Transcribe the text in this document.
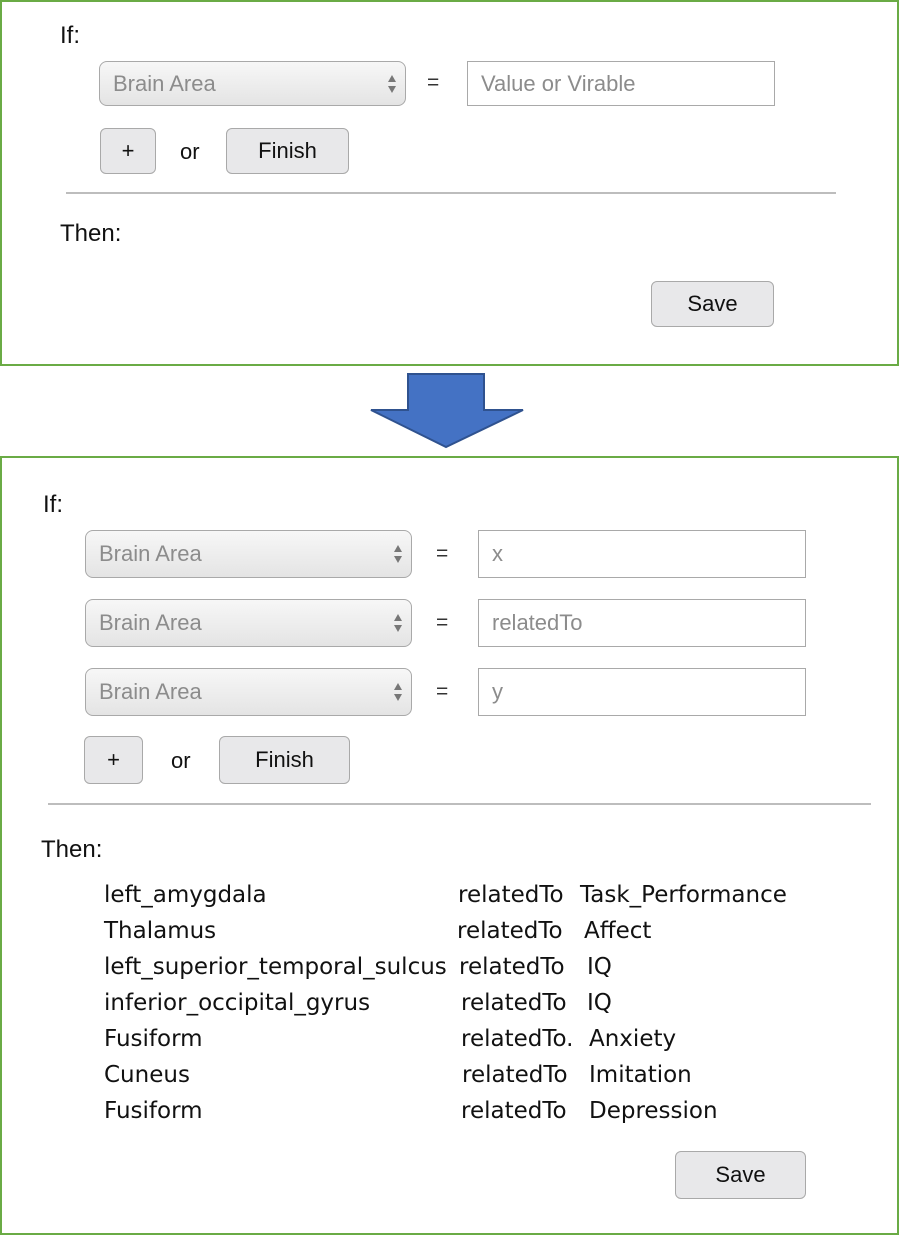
If:
Brain Area	= Value or Virable
+	or	Finish
Then:
Save
If:
Brain Area	= x
Brain Area	= relatedTo
Brain Area	= y
+	or	Finish
Then:
left_amygdala	relatedTo Task_Performance
Thalamus	relatedTo Affect
left_superior_temporal_sulcus relatedTo IQ
inferior_occipital_gyrus	relatedTo IQ
Fusiform	relatedTo. Anxiety
Cuneus	relatedTo Imitation
Fusiform	relatedTo Depression
Save
